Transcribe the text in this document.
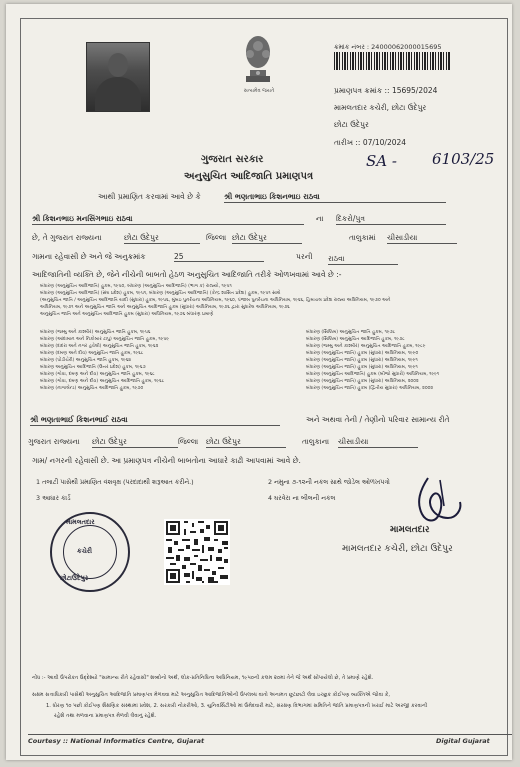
સત્યમેવ જયતે
ક્રમાંક નંબર : 24000062000015695
પ્રમાણપત્ર ક્રમાંક :: 15695/2024
મામલતદાર કચેરી, છોટા ઉદેપુર
છોટા ઉદેપુર
તારીખ :: 07/10/2024
SA - 6103/25
ગુજરાત સરકાર
અનુસુચિત આદિજાતિ પ્રમાણપત્ર
આથી પ્રમાણિત કરવામાં આવે છે કે	શ્રી ભણતાભાઇ કિશનભાઇ રાઠવા
શ્રી કિશનભાઇ મનસિંગભાઇ રાઠવા	ના દિકરો/પુત્ર
છે, તે ગુજરાત રાજ્યના	છોટા ઉદેપુર	જિલ્લા છોટા ઉદેપુર	તાલુકામાં ચીસાડીયા
ગામના રહેવાસી છે અને જે અનુક્રમાંક	25	પરની રાઠવા
આદિજાતિની વ્યક્તિ છે, જેને નીચેની બાબતો હેઠળ અનુસુચિત આદિજાતિ તરીકે ઓળખવામાં આવે છે :-
બંધારણ (અનુસુચિત આદિજાતિ) હુકમ, ૧૯૫૦, બંધારણ (અનુસુચિત આદિજાતિ) (ભાગ ક) રાજ્યો, ૧૯૫૧
બંધારણ (અનુસુચિત આદિજાતિ) (સંઘ પ્રદેશ) હુકમ, ૧૯૫૧, બંધારણ (અનુસુચિત આદિજાતિ) (કેન્દ્ર શાસિત પ્રદેશ) હુકમ, ૧૯૫૧ સાથે
(અનુસુચિત જાતિ / અનુસુચિત આદિજાતિ યાદી (સુધારા) હુકમ, ૧૯૫૬, મુંબઇ પુનર્રચના અધિનિયમ, ૧૯૬૦, પંજાબ પુનર્રચના અધિનિયમ, ૧૯૬૬, હિમાચલ પ્રદેશ રાજ્ય અધિનિયમ, ૧૯૭૦ અને
અધિનિયમ, ૧૯૭૧ અને અનુસુચિત જાતિ અને અનુસુચિત આદિજાતિ હુકમ (સુધારા) અધિનિયમ, ૧૯૭૬ દ્વારા સુધારેલ અધિનિયમ, ૧૯૭૬
અનુસુચિત જાતિ અને અનુસુચિત આદિજાતિ હુકમ (સુધારા) અધિનિયમ, ૧૯૭૬ બંધારણ પ્રમાણે
બંધારણ (જમ્મુ અને કાશ્મીર) અનુસુચિત જાતિ હુકમ, ૧૯૫૬
બંધારણ (આંદામાન અને નિકોબાર ટાપુ) અનુસુચિત જાતિ હુકમ, ૧૯૫૯
બંધારણ (દાદરા અને નગર હવેલી) અનુસુચિત જાતિ હુકમ, ૧૯૬૨
બંધારણ (દમણ અને દીવ) અનુસુચિત જાતિ હુકમ, ૧૯૬૮
બંધારણ (પોંડીચેરી) અનુસુચિત જાતિ હુકમ, ૧૯૬૪
બંધારણ અનુસુચિત આદિજાતિ (ઉત્તર પ્રદેશ) હુકમ, ૧૯૬૭
બંધારણ (ગોવા, દમણ અને દીવ) અનુસુચિત જાતિ હુકમ, ૧૯૬૮
બંધારણ (ગોવા, દમણ અને દીવ) અનુસુચિત આદિજાતિ હુકમ, ૧૯૬૮
બંધારણ (નાગાલેન્ડ) અનુસુચિત આદિજાતિ હુકમ, ૧૯૭૦
બંધારણ (સિક્કિમ) અનુસુચિત જાતિ હુકમ, ૧૯૭૮
બંધારણ (સિક્કિમ) અનુસુચિત આદિજાતિ હુકમ, ૧૯૭૮
બંધારણ (જમ્મુ અને કાશ્મીર) અનુસુચિત આદિજાતિ હુકમ, ૧૯૮૯
બંધારણ (અનુસુચિત જાતિ) હુકમ (સુધારા) અધિનિયમ, ૧૯૯૦
બંધારણ (અનુસુચિત જાતિ) હુકમ (સુધારા) અધિનિયમ, ૧૯૯૧
બંધારણ (અનુસુચિત જાતિ) હુકમ (સુધારા) અધિનિયમ, ૧૯૯૧
બંધારણ (અનુસુચિત આદિજાતિ) હુકમ (બીજો સુધારો) અધિનિયમ, ૧૯૯૧
બંધારણ (અનુસુચિત જાતિ) હુકમ (સુધારા) અધિનિયમ, ૨૦૦૨
બંધારણ (અનુસુચિત જાતિ) હુકમ (દ્વિતીય સુધારા) અધિનિયમ, ૨૦૦૨
શ્રી ભણતાભાઈ કિશનભાઈ રાઠવા	અને અથવા તેની / તેણીનો પરિવાર સામાન્ય રીતે
ગુજરાત રાજ્યના છોટા ઉદેપુર	જિલ્લા છોટા ઉદેપુર	તાલુકાના ચીસાડીયા
ગામ/ નગરની રહેવાસી છે. આ પ્રમાણપત્ર નીચેની બાબતોના આધારે કાઢી આપવામાં આવે છે.
1 તલાટી પાસેથી પ્રમાણિત વંશવૃક્ષ (પરદાદાથી શરૂઆત કરીને.)	2 નમુના ૭-૧૨ની નકલ સાથે જોડેલ ઓળખપત્રો
3 આધાર કાર્ડ	4 ઘરવેરા ના બીલની નકલ
મામલતદાર
કચેરી
છોટાઉદેપુર
મામલતદાર
મામલતદાર કચેરી, છોટા ઉદેપુર
નોંધ :- આવી ઉપરોક્ત ઉદ્દેશ્યો "સામાન્ય રીતે રહેવાસી" શબ્દોનો અર્થ, લોક-પ્રતિનિધિત્વ અધિનિયમ, ૧૯૫૦ની કલમ ૨૦માં તેને જે અર્થ સોંપાયેલો છે, તે પ્રમાણે રહેશે.
સક્ષમ સત્તાધિકારી પાસેથી અનુસુચિત આદિજાતિ પ્રમાણપત્ર મેળવવા માટે અનુસુચિત આદિજાતિઓની ઉપલબ્ધ વાતો અનામત છૂટછાટો લેવા ઇચ્છુક કોઈપણ વ્યક્તિએ જોવા કે,
1. ધોરણ ૧૦ પછી કોઈપણ શૈક્ષણિક સંસ્થામાં પ્રવેશ, 2. સરકારી નોકરીઓ, 3. યુનિવર્સિટીઓ માં ઉમેદવારી માટે, સંરક્ષણ વિભાગમાં સમિતિને જાતિ પ્રમાણપત્રની ખરાઈ માટે અરજી કરવાની
રહેશે તથા મળવાના પ્રમાણપત્ર મેળવી લેવાનું રહેશે.
Courtesy :: National Informatics Centre, Gujarat	Digital Gujarat
